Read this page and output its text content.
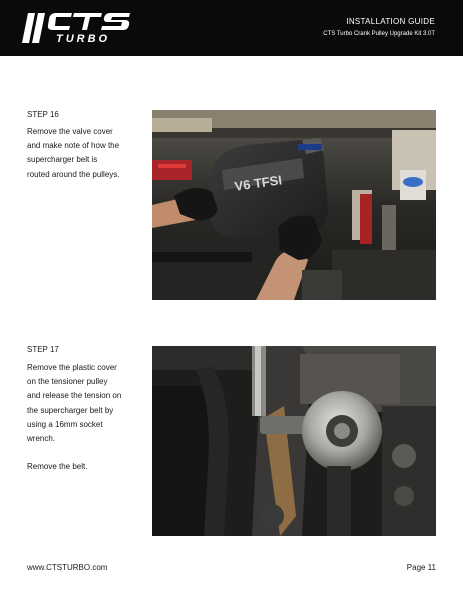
TURBO
INSTALLATION GUIDE
CTS Turbo Crank Pulley Upgrade Kit 3.0T
STEP 16

Remove the valve cover and make note of how the supercharger belt is routed around the pulleys.	V6 TFSI
STEP 17

Remove the plastic cover on the tensioner pulley and release the tension on the supercharger belt by using a 16mm socket wrench.

Remove the belt.

www.CTSTURBO.com	Page 11
